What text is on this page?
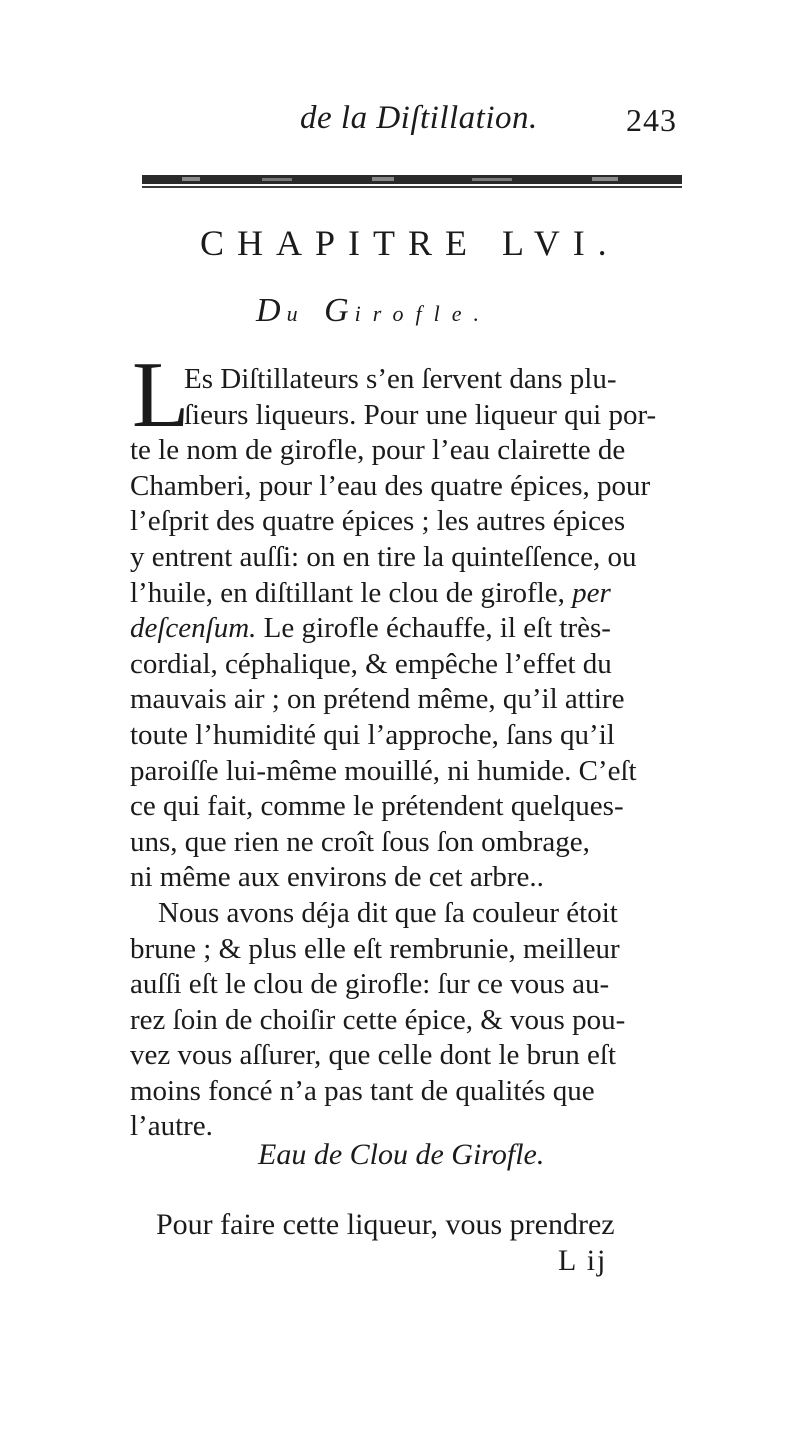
de la Diſtillation.	243
CHAPITRE LVI.
Du Girofle.
L
Es Diſtillateurs s’en ſervent dans plu-
ſieurs liqueurs. Pour une liqueur qui por-
te le nom de girofle, pour l’eau clairette de
Chamberi, pour l’eau des quatre épices, pour
l’eſprit des quatre épices ; les autres épices
y entrent auſſi: on en tire la quinteſſence, ou
l’huile, en diſtillant le clou de girofle, per
deſcenſum. Le girofle échauffe, il eſt très-
cordial, céphalique, & empêche l’effet du
mauvais air ; on prétend même, qu’il attire
toute l’humidité qui l’approche, ſans qu’il
paroiſſe lui-même mouillé, ni humide. C’eſt
ce qui fait, comme le prétendent quelques-
uns, que rien ne croît ſous ſon ombrage,
ni même aux environs de cet arbre..
Nous avons déja dit que ſa couleur étoit
brune ; & plus elle eſt rembrunie, meilleur
auſſi eſt le clou de girofle: ſur ce vous au-
rez ſoin de choiſir cette épice, & vous pou-
vez vous aſſurer, que celle dont le brun eſt
moins foncé n’a pas tant de qualités que
l’autre.
Eau de Clou de Girofle.
Pour faire cette liqueur, vous prendrez
L ij
